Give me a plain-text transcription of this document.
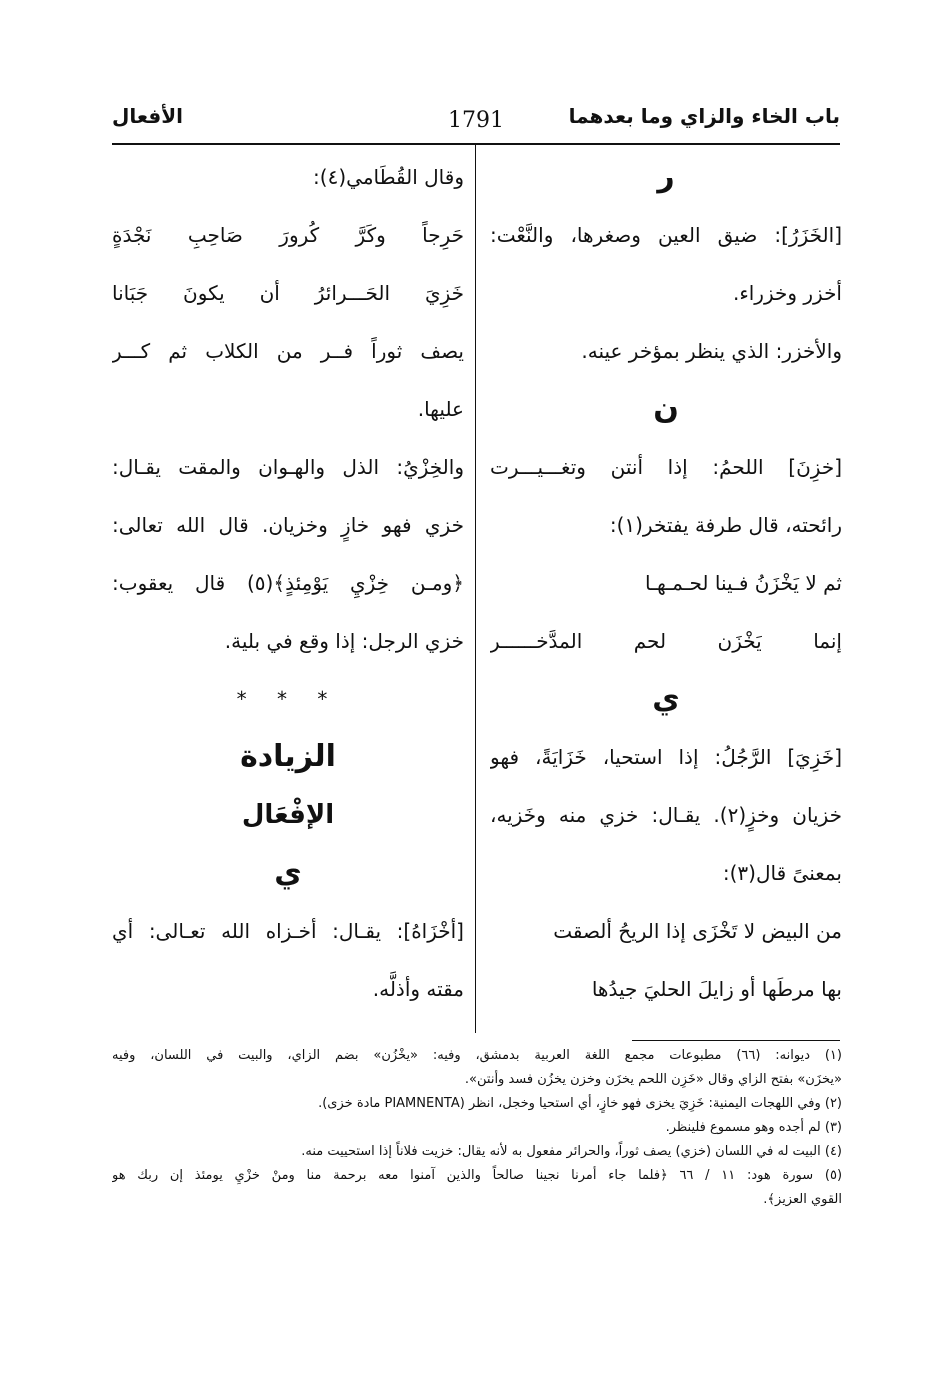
باب الخاء والزاي وما بعدهما
1791
الأفعال
ر
[الخَزَرُ]: ضيق العين وصغرها، والنَّعْت:
أخزر وخزراء.
والأخزر: الذي ينظر بمؤخر عينه.
ن
[خزِنَ] اللحمُ: إذا أنتن وتغـــيـــرت
رائحته، قال طرفة يفتخر(١):
ثم لا يَخْزَنُ فـينا لحـمـهـا
إنما يَخْزَن لحم المدَّخــــــر
ي
[خَزِيَ] الرَّجُلُ: إذا استحيا، خَزَايَةً، فهو
خزيان وخزٍ(٢). يقـال: خزي منه وخَزيه،
بمعنىً قال(٣):
من البيض لا تَخْزَى إذا الريحُ ألصقت
بها مرطَها أو زايلَ الحليَ جيدُها
وقال القُطَامي(٤):
حَرِجاً وكَرَّ كُرورَ صَاحِبِ نَجْدَةٍ
خَزِيَ الحَـــرائرُ أن يكونَ جَبَانا
يصف ثوراً فــر من الكلاب ثم كـــر
عليها.
والخِزْيُ: الذل والهـوان والمقت يقـال:
خزي فهو خازٍ وخزيان. قال الله تعالى:
﴿ومـن خِزْيِ يَوْمِئذٍ﴾(٥) قال يعقوب:
خزي الرجل: إذا وقع في بلية.
* * *
الزيادة
الإفْعَال
ي
[أخْزَاهُ]: يقـال: أخـزاه الله تعـالى: أي
مقته وأذلَّه.
(١) ديوانه: (٦٦) مطبوعات مجمع اللغة العربية بدمشق، وفيه: «يخْزُن» بضم الزاي، والبيت في اللسان، وفيه
«يخزَن» بفتح الزاي وقال «خَزِن اللحم يخزَن وخزن يخزُن فسد وأنتن».
(٢) وفي اللهجات اليمنية: خَزِيَ يخزى فهو خازٍ، أي استحيا وخجل، انظر (PIAMNENTA مادة خزى).
(٣) لم أجده وهو مسموع فلينظر.
(٤) البيت له في اللسان (خزي) يصف ثوراً، والحرائر مفعول به لأنه يقال: خزيت فلاناً إذا استحييت منه.
(٥) سورة هود: ١١ / ٦٦ ﴿فلما جاء أمرنا نجينا صالحاً والذين آمنوا معه برحمة منا ومنْ خزْيِ يومئذ إن ربك هو
القوي العزيز﴾.
